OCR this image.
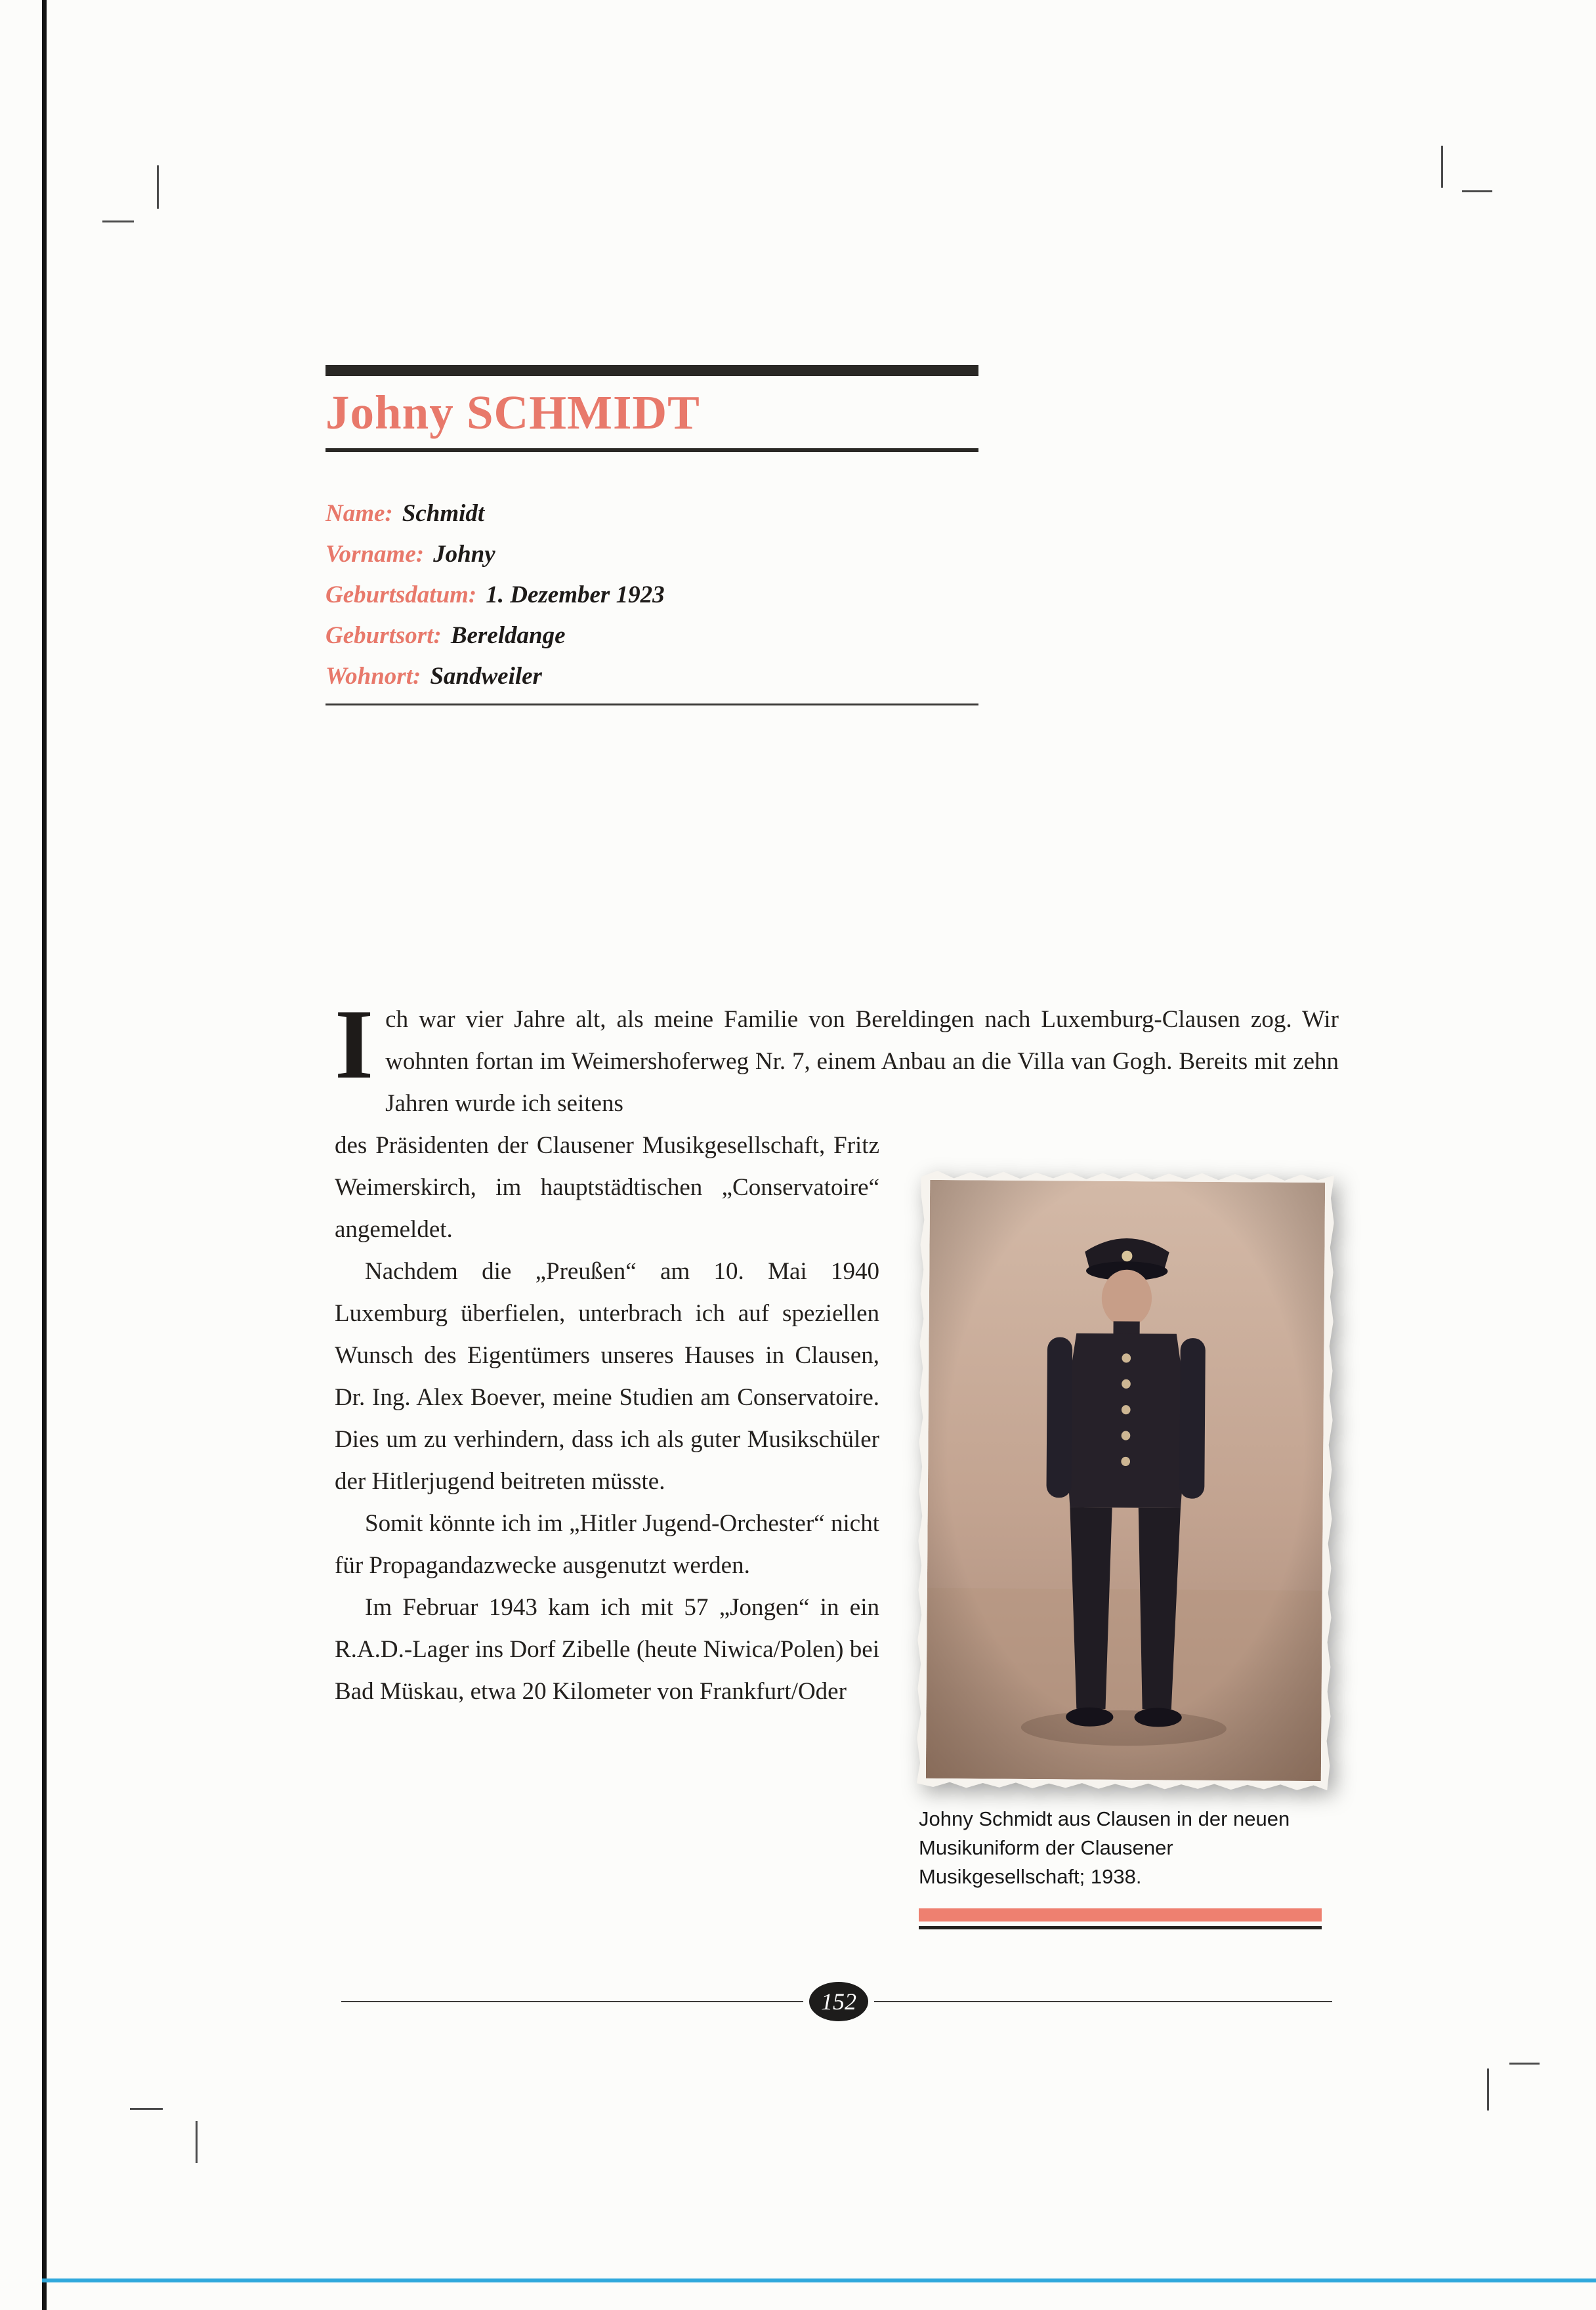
Johny SCHMIDT
Name: Schmidt
Vorname: Johny
Geburtsdatum: 1. Dezember 1923
Geburtsort: Bereldange
Wohnort: Sandweiler

Ich war vier Jahre alt, als meine Familie von Bereldingen nach Luxemburg-Clausen zog. Wir wohnten fortan im Weimershoferweg Nr. 7, einem Anbau an die Villa van Gogh. Bereits mit zehn Jahren wurde ich seitens

des Präsidenten der Clausener Musikgesellschaft, Fritz Weimerskirch, im hauptstädtischen „Conservatoire“ angemeldet.

Nachdem die „Preußen“ am 10. Mai 1940 Luxemburg überfielen, unterbrach ich auf speziellen Wunsch des Eigentümers unseres Hauses in Clausen, Dr. Ing. Alex Boever, meine Studien am Conservatoire. Dies um zu verhindern, dass ich als guter Musikschüler der Hitlerjugend beitreten müsste.

Somit könnte ich im „Hitler Jugend-Orchester“ nicht für Propagandazwecke ausgenutzt werden.

Im Februar 1943 kam ich mit 57 „Jongen“ in ein R.A.D.-Lager ins Dorf Zibelle (heute Niwica/Polen) bei Bad Müskau, etwa 20 Kilometer von Frankfurt/Oder

Johny Schmidt aus Clausen in der neuen Musikuniform der Clausener Musikgesellschaft; 1938.
152
